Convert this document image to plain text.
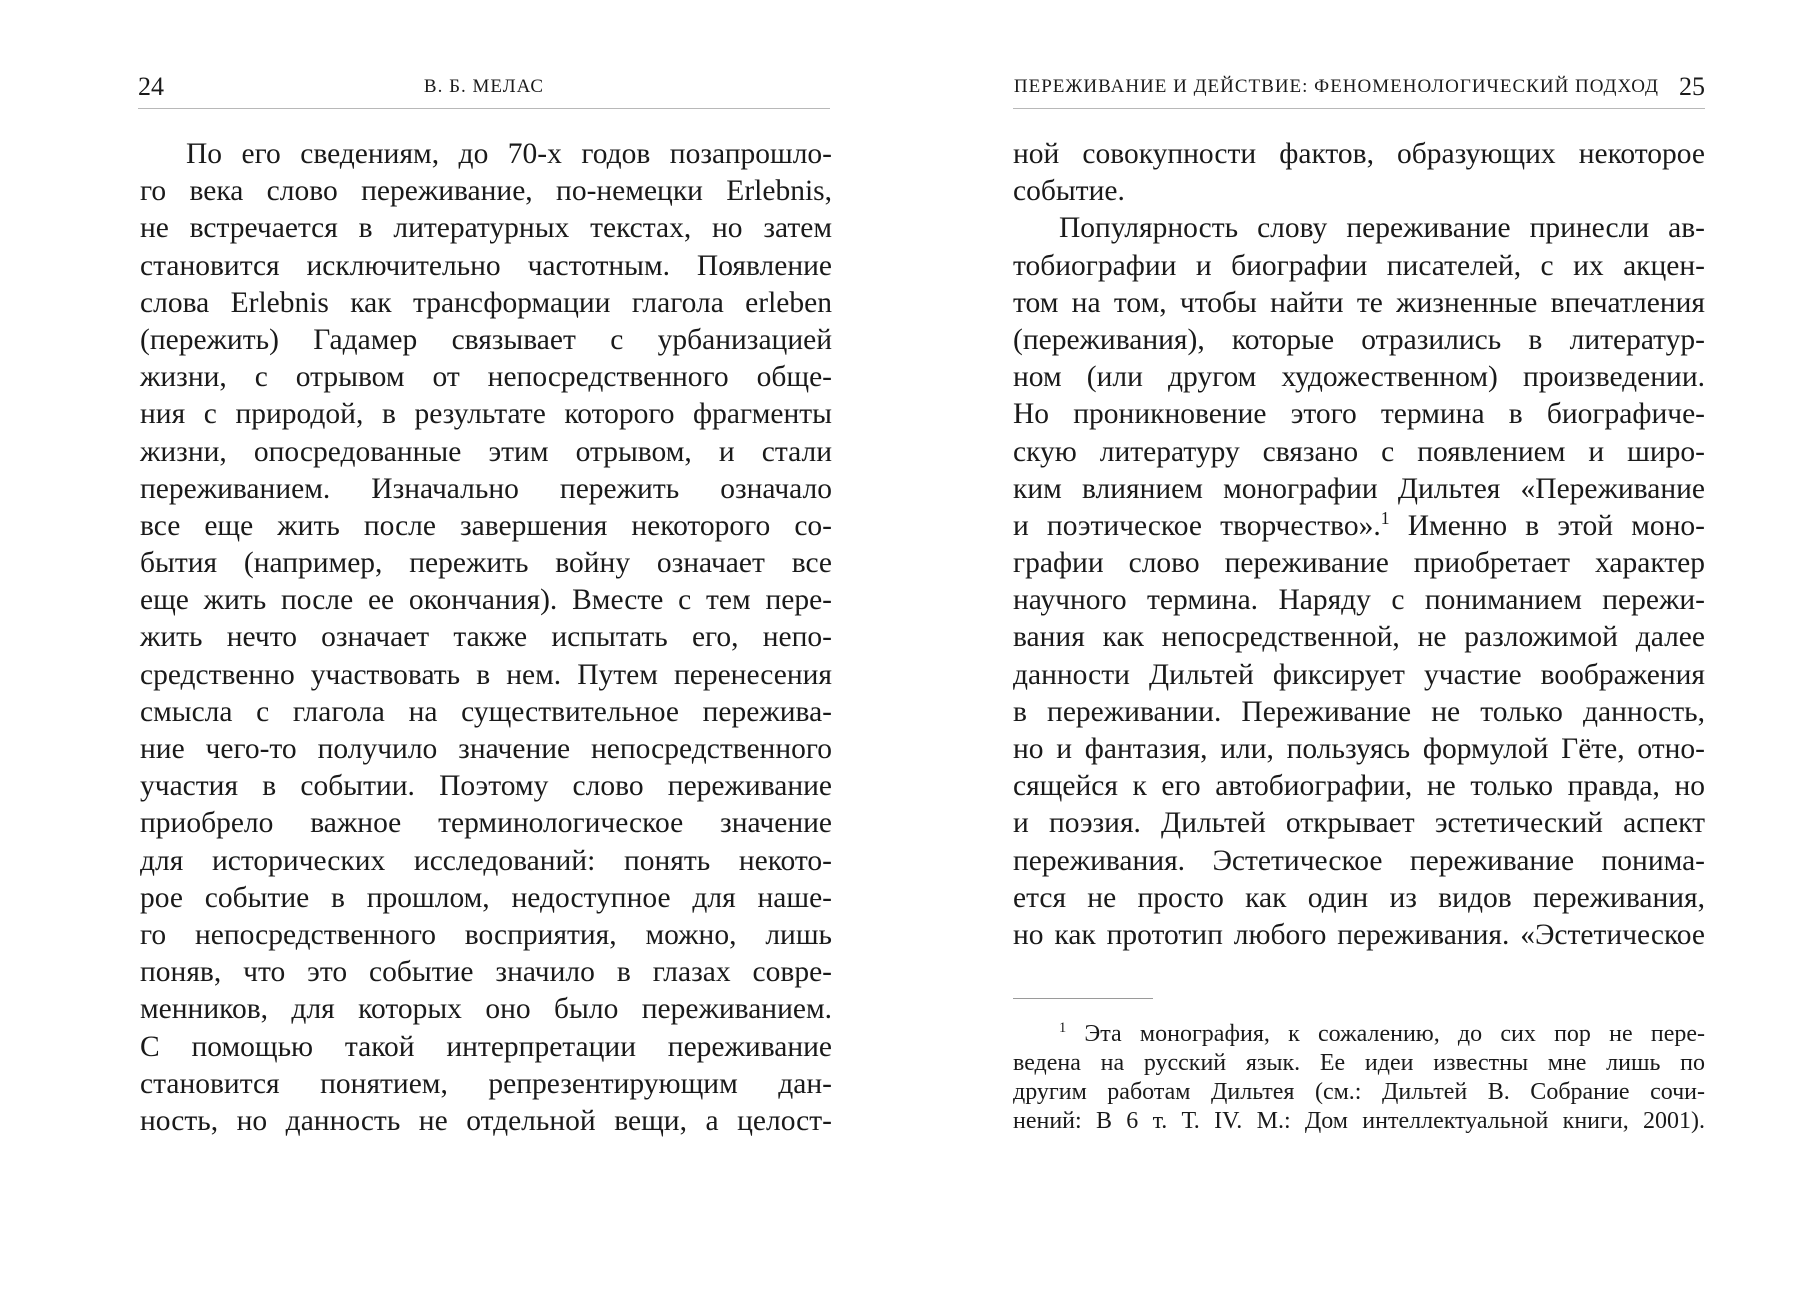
24	В. Б. МЕЛАС
По его сведениям, до 70-х годов позапрошло-
го века слово переживание, по-немецки Erlebnis,
не встречается в литературных текстах, но затем
становится исключительно частотным. Появление
слова Erlebnis как трансформации глагола erleben
(пережить) Гадамер связывает с урбанизацией
жизни, с отрывом от непосредственного обще-
ния с природой, в результате которого фрагменты
жизни, опосредованные этим отрывом, и стали
переживанием. Изначально пережить означало
все еще жить после завершения некоторого со-
бытия (например, пережить войну означает все
еще жить после ее окончания). Вместе с тем пере-
жить нечто означает также испытать его, непо-
средственно участвовать в нем. Путем перенесения
смысла с глагола на существительное пережива-
ние чего-то получило значение непосредственного
участия в событии. Поэтому слово переживание
приобрело важное терминологическое значение
для исторических исследований: понять некото-
рое событие в прошлом, недоступное для наше-
го непосредственного восприятия, можно, лишь
поняв, что это событие значило в глазах совре-
менников, для которых оно было переживанием.
С помощью такой интерпретации переживание
становится понятием, репрезентирующим дан-
ность, но данность не отдельной вещи, а целост-
ПЕРЕЖИВАНИЕ И ДЕЙСТВИЕ: ФЕНОМЕНОЛОГИЧЕСКИЙ ПОДХОД 25
ной совокупности фактов, образующих некоторое
событие.
Популярность слову переживание принесли ав-
тобиографии и биографии писателей, с их акцен-
том на том, чтобы найти те жизненные впечатления
(переживания), которые отразились в литератур-
ном (или другом художественном) произведении.
Но проникновение этого термина в биографиче-
скую литературу связано с появлением и широ-
ким влиянием монографии Дильтея «Переживание
и поэтическое творчество».$^1$ Именно в этой моно-
графии слово переживание приобретает характер
научного термина. Наряду с пониманием пережи-
вания как непосредственной, не разложимой далее
данности Дильтей фиксирует участие воображения
в переживании. Переживание не только данность,
но и фантазия, или, пользуясь формулой Гёте, отно-
сящейся к его автобиографии, не только правда, но
и поэзия. Дильтей открывает эстетический аспект
переживания. Эстетическое переживание понима-
ется не просто как один из видов переживания,
но как прототип любого переживания. «Эстетическое
$^1$ Эта монография, к сожалению, до сих пор не пере-
ведена на русский язык. Ее идеи известны мне лишь по
другим работам Дильтея (см.: Дильтей В. Собрание сочи-
нений: В 6 т. Т. IV. М.: Дом интеллектуальной книги, 2001).
